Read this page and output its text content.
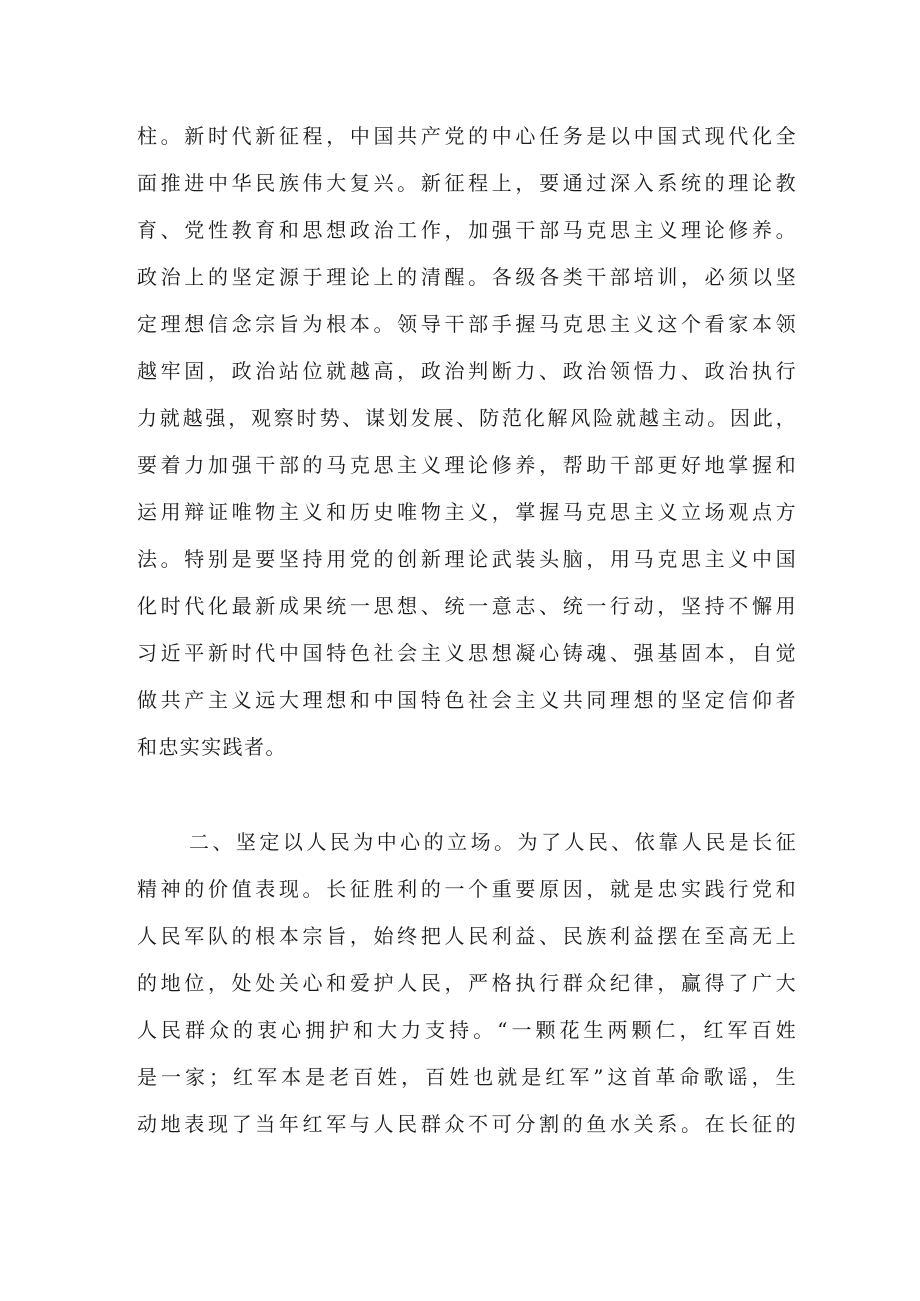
柱。新时代新征程，中国共产党的中心任务是以中国式现代化全
面推进中华民族伟大复兴。新征程上，要通过深入系统的理论教
育、党性教育和思想政治工作，加强干部马克思主义理论修养。
政治上的坚定源于理论上的清醒。各级各类干部培训，必须以坚
定理想信念宗旨为根本。领导干部手握马克思主义这个看家本领
越牢固，政治站位就越高，政治判断力、政治领悟力、政治执行
力就越强，观察时势、谋划发展、防范化解风险就越主动。因此，
要着力加强干部的马克思主义理论修养，帮助干部更好地掌握和
运用辩证唯物主义和历史唯物主义，掌握马克思主义立场观点方
法。特别是要坚持用党的创新理论武装头脑，用马克思主义中国
化时代化最新成果统一思想、统一意志、统一行动，坚持不懈用
习近平新时代中国特色社会主义思想凝心铸魂、强基固本，自觉
做共产主义远大理想和中国特色社会主义共同理想的坚定信仰者
和忠实实践者。
二、坚定以人民为中心的立场。为了人民、依靠人民是长征
精神的价值表现。长征胜利的一个重要原因，就是忠实践行党和
人民军队的根本宗旨，始终把人民利益、民族利益摆在至高无上
的地位，处处关心和爱护人民，严格执行群众纪律，赢得了广大
人民群众的衷心拥护和大力支持。“一颗花生两颗仁，红军百姓
是一家；红军本是老百姓，百姓也就是红军”这首革命歌谣，生
动地表现了当年红军与人民群众不可分割的鱼水关系。在长征的
